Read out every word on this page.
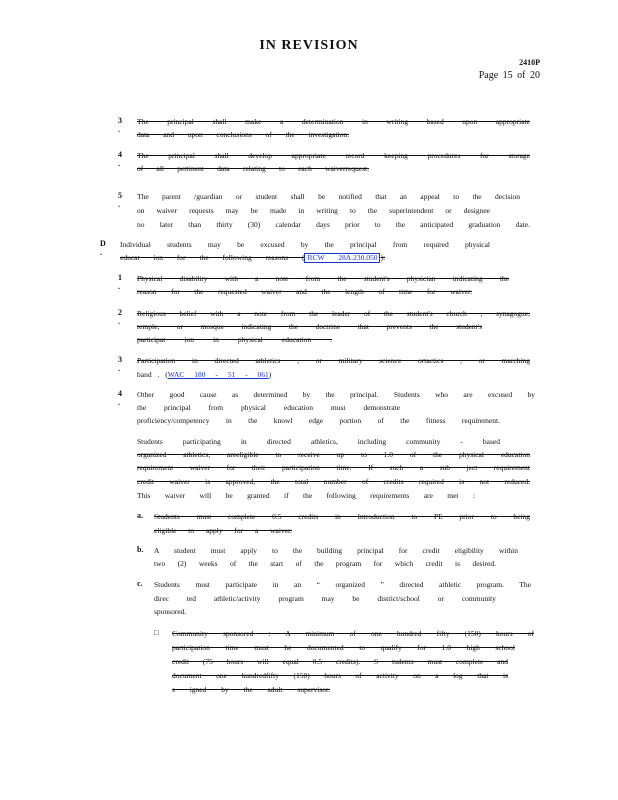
IN REVISION
2410P
Page 15 of 20
3 .
The principal shall make a determination in writing based upon appropriate
data and upon conclusions of the investigation.
4 .
The principal shall develop appropriate record keeping procedures for storage
of all pertinent data relating to each waiverrequest.
5 .
The parent /guardian or student shall be notified that an appeal to the decision
on waiver requests may be made in writing to the superintendent or designee
no later than thirty (30) calendar days prior to the anticipated graduation date.
D .
Individual students may be excused by the principal from required physical
educat ion for the following reasons ( RCW 28A.230.050 ):
1 .
Physical disability with a note from the student's physician indicating the
reason for the requested waiver and the length of time for waiver.
2 .
Religious belief with a note from the leader of the student's church , synagogue,
temple, or mosque indicating the doctrine that prevents the student's
participat ion in physical education .
3 .
Participation in directed athletics , or military science ortactics , or marching
band . (WAC 180 - 51 - 061)
4 .
Other good cause as determined by the principal. Students who are excused by
the principal from physical education must demonstrate
proficiency/competency in the knowl edge portion of the fitness requirement.
Students participating in directed athletics, including community - based
organized athletics, areeligible to receive up to 1.0 of the physical education
requirement waiver for their participation time. If such a sub ject requirement
credit waiver is approved, the total number of credits required is not reduced.
This waiver will be granted if the following requirements are met :
a. Students must complete 0.5 credits in Introduction to PE prior to being
eligible to apply for a waiver.
b. A student must apply to the building principal for credit eligibility within
two (2) weeks of the start of the program for which credit is desired.
c. Students must participate in an “ organized ” directed athletic program. The
direc ted athletic/activity program may be district/school or community
sponsored.
□ Community sponsored : A minimum of one hundred fifty (150) hours of
participation time must be documented to qualify for 1.0 high school
credit (75 hours will equal 0.5 credits). S tudents must complete and
document one hundredfifty (150) hours of activity on a log that is
s igned by the adult supervisor.
